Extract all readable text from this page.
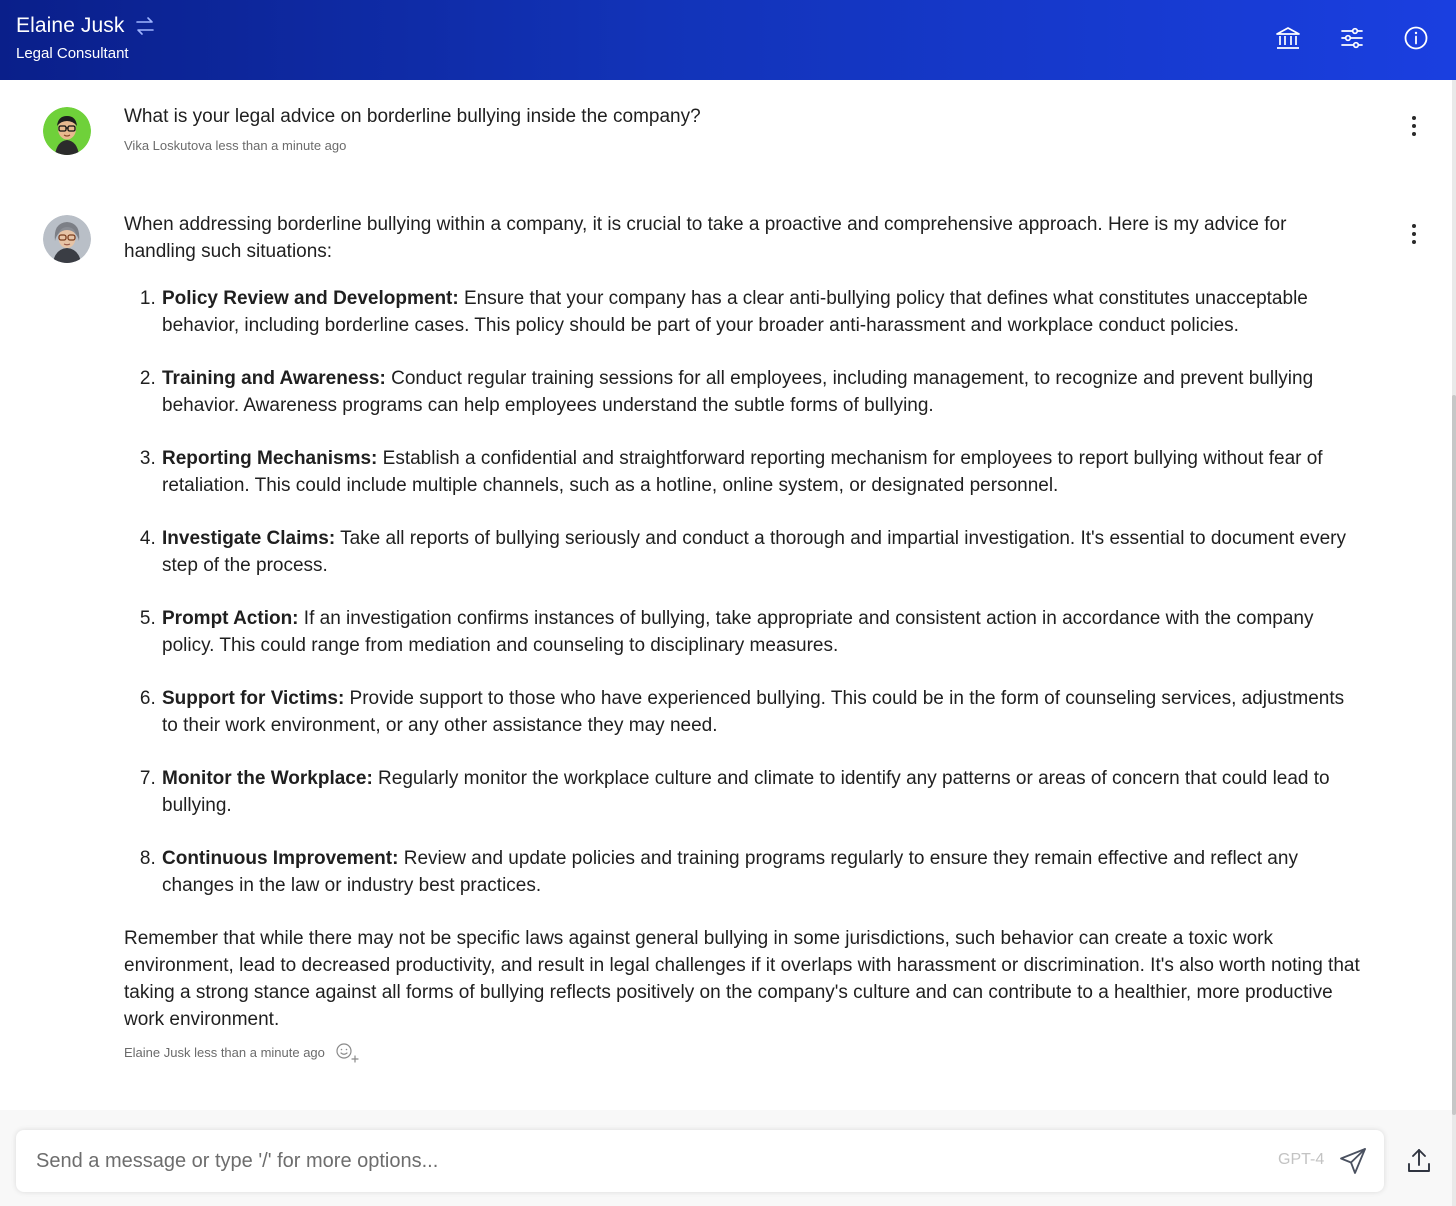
Elaine Jusk
Legal Consultant
What is your legal advice on borderline bullying inside the company?
Vika Loskutova less than a minute ago

When addressing borderline bullying within a company, it is crucial to take a proactive and comprehensive approach. Here is my advice for handling such situations:

1. Policy Review and Development: Ensure that your company has a clear anti-bullying policy that defines what constitutes unacceptable behavior, including borderline cases. This policy should be part of your broader anti-harassment and workplace conduct policies.
2. Training and Awareness: Conduct regular training sessions for all employees, including management, to recognize and prevent bullying behavior. Awareness programs can help employees understand the subtle forms of bullying.
3. Reporting Mechanisms: Establish a confidential and straightforward reporting mechanism for employees to report bullying without fear of retaliation. This could include multiple channels, such as a hotline, online system, or designated personnel.
4. Investigate Claims: Take all reports of bullying seriously and conduct a thorough and impartial investigation. It's essential to document every step of the process.
5. Prompt Action: If an investigation confirms instances of bullying, take appropriate and consistent action in accordance with the company policy. This could range from mediation and counseling to disciplinary measures.
6. Support for Victims: Provide support to those who have experienced bullying. This could be in the form of counseling services, adjustments to their work environment, or any other assistance they may need.
7. Monitor the Workplace: Regularly monitor the workplace culture and climate to identify any patterns or areas of concern that could lead to bullying.
8. Continuous Improvement: Review and update policies and training programs regularly to ensure they remain effective and reflect any changes in the law or industry best practices.

Remember that while there may not be specific laws against general bullying in some jurisdictions, such behavior can create a toxic work environment, lead to decreased productivity, and result in legal challenges if it overlaps with harassment or discrimination. It's also worth noting that taking a strong stance against all forms of bullying reflects positively on the company's culture and can contribute to a healthier, more productive work environment.

Elaine Jusk less than a minute ago
Send a message or type '/' for more options...
GPT-4
